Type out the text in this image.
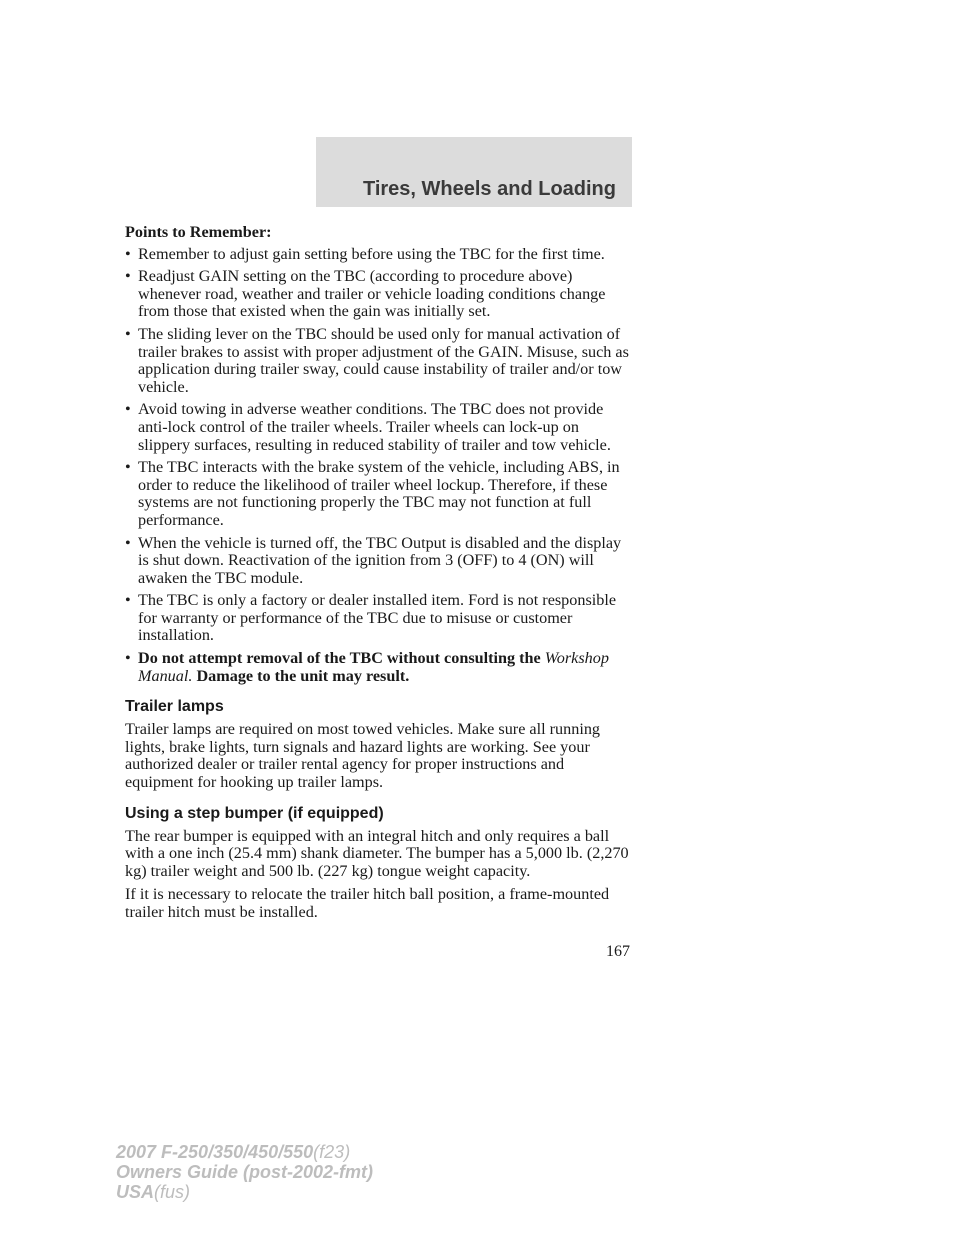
Tires, Wheels and Loading

Points to Remember:

• Remember to adjust gain setting before using the TBC for the first time.
• Readjust GAIN setting on the TBC (according to procedure above) whenever road, weather and trailer or vehicle loading conditions change from those that existed when the gain was initially set.
• The sliding lever on the TBC should be used only for manual activation of trailer brakes to assist with proper adjustment of the GAIN. Misuse, such as application during trailer sway, could cause instability of trailer and/or tow vehicle.
• Avoid towing in adverse weather conditions. The TBC does not provide anti-lock control of the trailer wheels. Trailer wheels can lock-up on slippery surfaces, resulting in reduced stability of trailer and tow vehicle.
• The TBC interacts with the brake system of the vehicle, including ABS, in order to reduce the likelihood of trailer wheel lockup. Therefore, if these systems are not functioning properly the TBC may not function at full performance.
• When the vehicle is turned off, the TBC Output is disabled and the display is shut down. Reactivation of the ignition from 3 (OFF) to 4 (ON) will awaken the TBC module.
• The TBC is only a factory or dealer installed item. Ford is not responsible for warranty or performance of the TBC due to misuse or customer installation.
• Do not attempt removal of the TBC without consulting the Workshop Manual. Damage to the unit may result.
Trailer lamps

Trailer lamps are required on most towed vehicles. Make sure all running lights, brake lights, turn signals and hazard lights are working. See your authorized dealer or trailer rental agency for proper instructions and equipment for hooking up trailer lamps.

Using a step bumper (if equipped)

The rear bumper is equipped with an integral hitch and only requires a ball with a one inch (25.4 mm) shank diameter. The bumper has a 5,000 lb. (2,270 kg) trailer weight and 500 lb. (227 kg) tongue weight capacity.

If it is necessary to relocate the trailer hitch ball position, a frame-mounted trailer hitch must be installed.

167
2007 F-250/350/450/550(f23)
Owners Guide (post-2002-fmt)
USA(fus)
